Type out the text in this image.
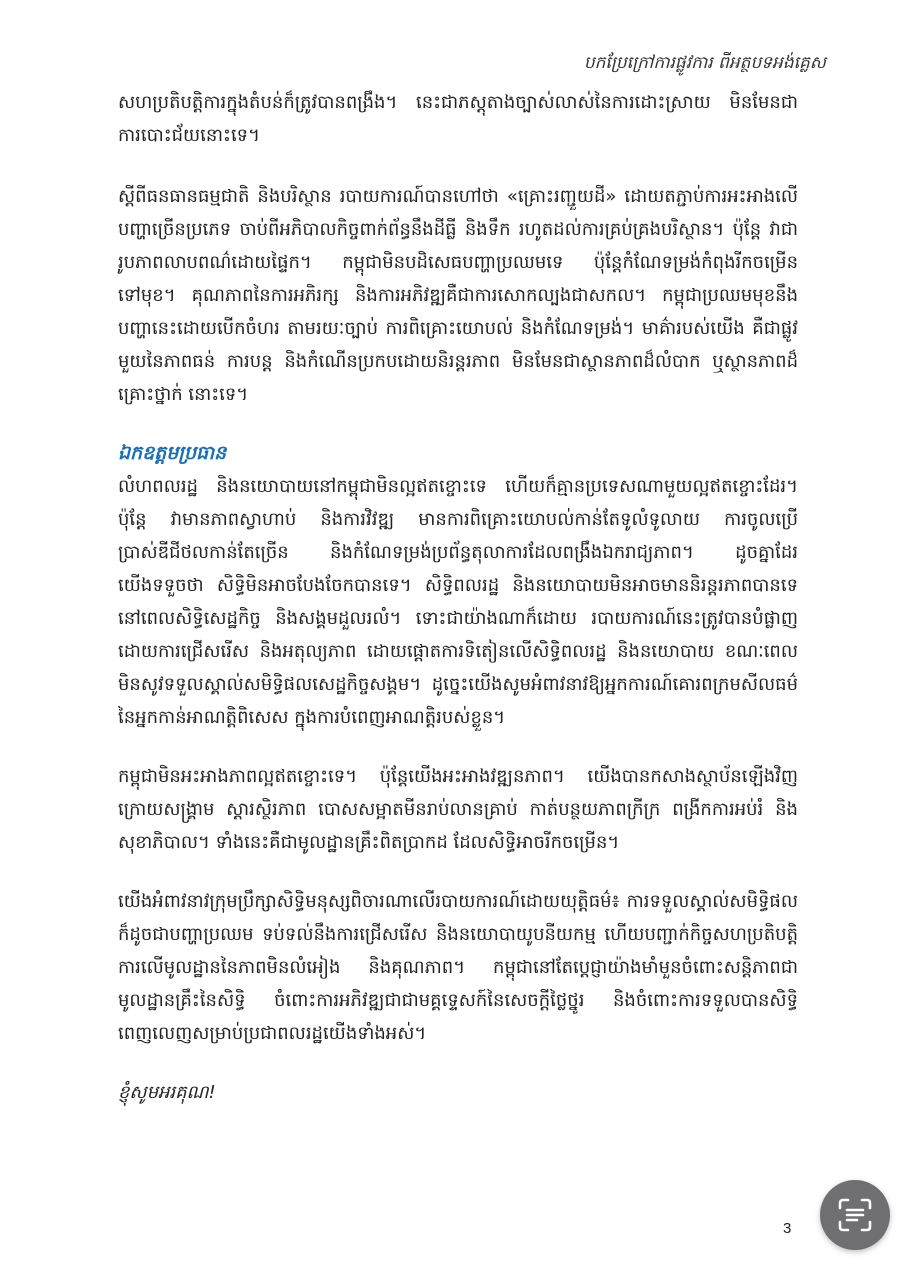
បកប្រែក្រៅការផ្លូវការ ពីអត្ថបទអង់គ្លេស

សហប្រតិបត្តិការក្នុងតំបន់ក៏ត្រូវបានពង្រឹង។ នេះជាភស្តុតាងច្បាស់លាស់នៃការដោះស្រាយ មិនមែនជាការបោះជ័យនោះទេ។

ស្តីពីធនធានធម្មជាតិ និងបរិស្ថាន របាយការណ៍បានហៅថា «គ្រោះរញ្ជួយដី» ដោយតភ្ជាប់ការអះអាងលើបញ្ហាច្រើនប្រភេទ ចាប់ពីអភិបាលកិច្ចពាក់ព័ន្ធនឹងដីធ្លី និងទឹក រហូតដល់ការគ្រប់គ្រងបរិស្ថាន។ ប៉ុន្តែ វាជារូបភាពលាបពណ៌ដោយផ្ទៃក។ កម្ពុជាមិនបដិសេធបញ្ហាប្រឈមទេ ប៉ុន្តែកំណែទម្រង់កំពុងរីកចម្រើនទៅមុខ។ គុណភាពនៃការអភិរក្ស និងការអភិវឌ្ឍគឺជាការសោកល្បងជាសកល។ កម្ពុជាប្រឈមមុខនឹងបញ្ហានេះដោយបើកចំហរ តាមរយៈច្បាប់ ការពិគ្រោះយោបល់ និងកំណែទម្រង់។ មាគ៌ារបស់យើង គឺជាផ្លូវមួយនៃភាពធន់ ការបន្ត និងកំណើនប្រកបដោយនិរន្តរភាព មិនមែនជាស្ថានភាពដ៏លំបាក ឬស្ថានភាពដ៏គ្រោះថ្នាក់ នោះទេ។

ឯកឧត្តមប្រធាន

លំហពលរដ្ឋ និងនយោបាយនៅកម្ពុជាមិនល្អឥតខ្ចោះទេ ហើយក៏គ្មានប្រទេសណាមួយល្អឥតខ្ចោះដែរ។ ប៉ុន្តែ វាមានភាពស្វាហាប់ និងការវិវឌ្ឍ មានការពិគ្រោះយោបល់កាន់តែទូលំទូលាយ ការចូលប្រើប្រាស់ឌីជីថលកាន់តែច្រើន និងកំណែទម្រង់ប្រព័ន្ធតុលាការដែលពង្រឹងឯករាជ្យភាព។ ដូចគ្នាដែរ យើងទទួចថា សិទ្ធិមិនអាចបែងចែកបានទេ។ សិទ្ធិពលរដ្ឋ និងនយោបាយមិនអាចមាននិរន្តរភាពបានទេ នៅពេលសិទ្ធិសេដ្ឋកិច្ច និងសង្គមដួលរលំ។ ទោះជាយ៉ាងណាក៏ដោយ របាយការណ៍នេះត្រូវបានបំផ្លាញដោយការជ្រើសរើស និងអតុល្យភាព ដោយផ្តោតការទិតៀនលើសិទ្ធិពលរដ្ឋ និងនយោបាយ ខណៈពេលមិនសូវទទួលស្គាល់សមិទ្ធិផលសេដ្ឋកិច្ចសង្គម។ ដូច្នេះយើងសូមអំពាវនាវឱ្យអ្នកការណ៍គោរពក្រមសីលធម៌នៃអ្នកកាន់អាណត្តិពិសេស ក្នុងការបំពេញអាណត្តិរបស់ខ្លួន។

កម្ពុជាមិនអះអាងភាពល្អឥតខ្ចោះទេ។ ប៉ុន្តែយើងអះអាងវឌ្ឍនភាព។ យើងបានកសាងស្ថាប័នឡើងវិញក្រោយសង្គ្រាម ស្តារស្ថិរភាព បោសសម្អាតមីនរាប់លានគ្រាប់ កាត់បន្ថយភាពក្រីក្រ ពង្រីកការអប់រំ និងសុខាភិបាល។ ទាំងនេះគឺជាមូលដ្ឋានគ្រឹះពិតប្រាកដ ដែលសិទ្ធិអាចរីកចម្រើន។

យើងអំពាវនាវក្រុមប្រឹក្សាសិទ្ធិមនុស្សពិចារណាលើរបាយការណ៍ដោយយុត្តិធម៌៖ ការទទួលស្គាល់សមិទ្ធិផល ក៏ដូចជាបញ្ហាប្រឈម ទប់ទល់នឹងការជ្រើសរើស និងនយោបាយូបនីយកម្ម ហើយបញ្ជាក់កិច្ចសហប្រតិបត្តិការលើមូលដ្ឋាននៃភាពមិនលំអៀង និងគុណភាព។ កម្ពុជានៅតែប្តេជ្ញាយ៉ាងមាំមួនចំពោះសន្តិភាពជាមូលដ្ឋានគ្រឹះនៃសិទ្ធិ ចំពោះការអភិវឌ្ឍជាជាមគ្គទ្ទេសក៍នៃសេចក្តីថ្លៃថ្នូរ និងចំពោះការទទួលបានសិទ្ធិពេញលេញសម្រាប់ប្រជាពលរដ្ឋយើងទាំងអស់។

ខ្ញុំសូមអរគុណ!

3
